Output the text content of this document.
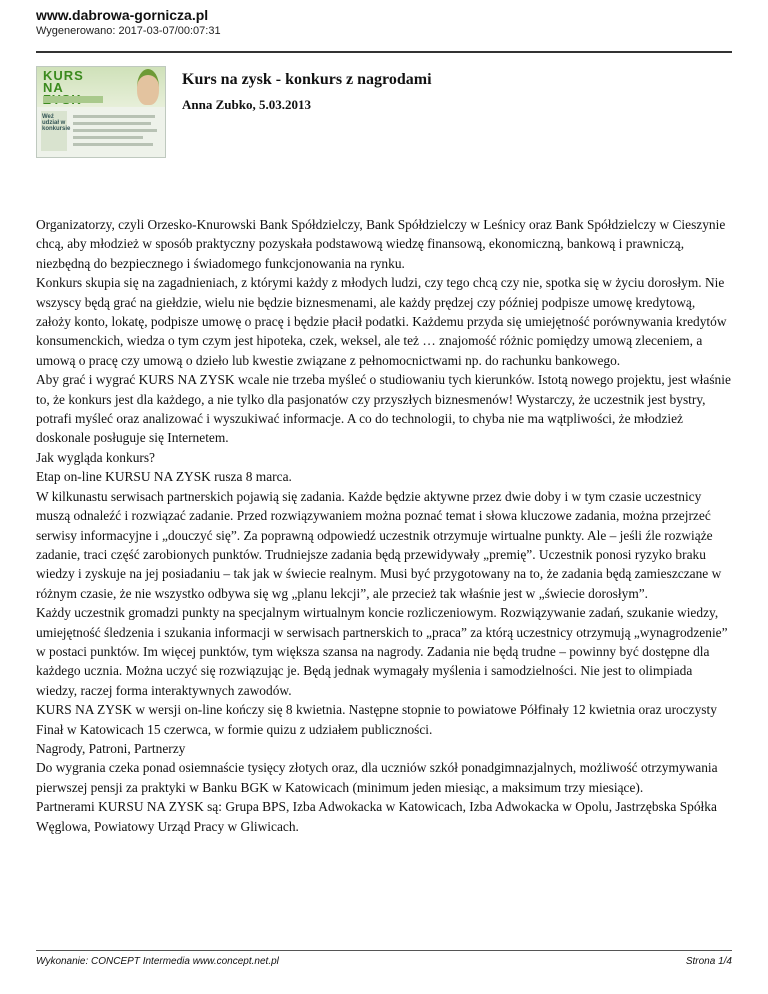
www.dabrowa-gornicza.pl
Wygenerowano: 2017-03-07/00:07:31
KURS NA
Weź udział w konkursie
Kurs na zysk - konkurs z nagrodami
Anna Zubko, 5.03.2013

Organizatorzy, czyli Orzesko-Knurowski Bank Spółdzielczy, Bank Spółdzielczy w Leśnicy oraz Bank Spółdzielczy w Cieszynie chcą, aby młodzież w sposób praktyczny pozyskała podstawową wiedzę finansową, ekonomiczną, bankową i prawniczą, niezbędną do bezpiecznego i świadomego funkcjonowania na rynku.

Konkurs skupia się na zagadnieniach, z którymi każdy z młodych ludzi, czy tego chcą czy nie, spotka się w życiu dorosłym. Nie wszyscy będą grać na giełdzie, wielu nie będzie biznesmenami, ale każdy prędzej czy później podpisze umowę kredytową, założy konto, lokatę, podpisze umowę o pracę i będzie płacił podatki. Każdemu przyda się umiejętność porównywania kredytów konsumenckich, wiedza o tym czym jest hipoteka, czek, weksel, ale też … znajomość różnic pomiędzy umową zleceniem, a umową o pracę czy umową o dzieło lub kwestie związane z pełnomocnictwami np. do rachunku bankowego.

Aby grać i wygrać KURS NA ZYSK wcale nie trzeba myśleć o studiowaniu tych kierunków. Istotą nowego projektu, jest właśnie to, że konkurs jest dla każdego, a nie tylko dla pasjonatów czy przyszłych biznesmenów! Wystarczy, że uczestnik jest bystry, potrafi myśleć oraz analizować i wyszukiwać informacje. A co do technologii, to chyba nie ma wątpliwości, że młodzież doskonale posługuje się Internetem.

Jak wygląda konkurs?

Etap on-line KURSU NA ZYSK rusza 8 marca.

W kilkunastu serwisach partnerskich pojawią się zadania. Każde będzie aktywne przez dwie doby i w tym czasie uczestnicy muszą odnaleźć i rozwiązać zadanie. Przed rozwiązywaniem można poznać temat i słowa kluczowe zadania, można przejrzeć serwisy informacyjne i „douczyć się”. Za poprawną odpowiedź uczestnik otrzymuje wirtualne punkty. Ale – jeśli źle rozwiąże zadanie, traci część zarobionych punktów. Trudniejsze zadania będą przewidywały „premię”. Uczestnik ponosi ryzyko braku wiedzy i zyskuje na jej posiadaniu – tak jak w świecie realnym. Musi być przygotowany na to, że zadania będą zamieszczane w różnym czasie, że nie wszystko odbywa się wg „planu lekcji”, ale przecież tak właśnie jest w „świecie dorosłym”.

Każdy uczestnik gromadzi punkty na specjalnym wirtualnym koncie rozliczeniowym. Rozwiązywanie zadań, szukanie wiedzy, umiejętność śledzenia i szukania informacji w serwisach partnerskich to „praca” za którą uczestnicy otrzymują „wynagrodzenie” w postaci punktów. Im więcej punktów, tym większa szansa na nagrody. Zadania nie będą trudne – powinny być dostępne dla każdego ucznia. Można uczyć się rozwiązując je. Będą jednak wymagały myślenia i samodzielności. Nie jest to olimpiada wiedzy, raczej forma interaktywnych zawodów.

KURS NA ZYSK w wersji on-line kończy się 8 kwietnia. Następne stopnie to powiatowe Półfinały 12 kwietnia oraz uroczysty Finał w Katowicach 15 czerwca, w formie quizu z udziałem publiczności.

Nagrody, Patroni, Partnerzy

Do wygrania czeka ponad osiemnaście tysięcy złotych oraz, dla uczniów szkół ponadgimnazjalnych, możliwość otrzymywania pierwszej pensji za praktyki w Banku BGK w Katowicach (minimum jeden miesiąc, a maksimum trzy miesiące).

Partnerami KURSU NA ZYSK są: Grupa BPS, Izba Adwokacka w Katowicach, Izba Adwokacka w Opolu, Jastrzębska Spółka Węglowa, Powiatowy Urząd Pracy w Gliwicach.

Wykonanie: CONCEPT Intermedia www.concept.net.pl	Strona 1/4
